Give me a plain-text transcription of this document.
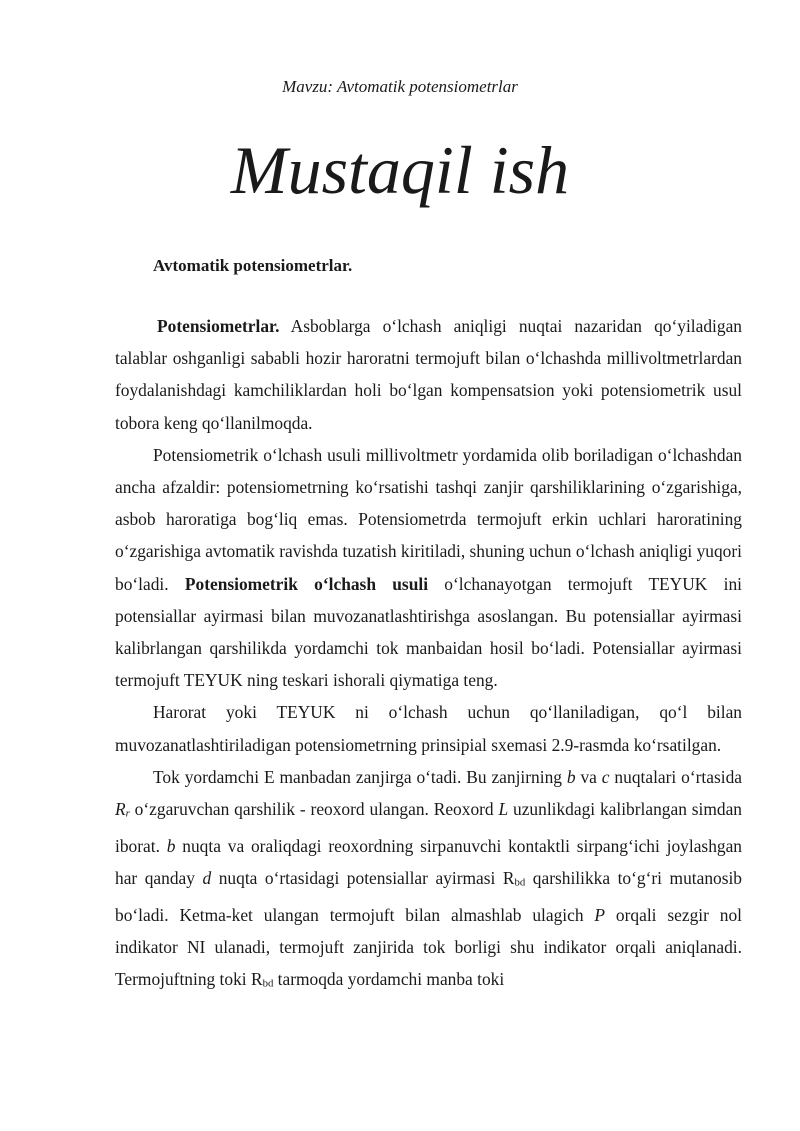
Mavzu: Avtomatik potensiometrlar
Mustaqil ish
Avtomatik potensiometrlar.

Potensiometrlar. Asboblarga o‘lchash aniqligi nuqtai nazaridan qo‘yiladigan talablar oshganligi sababli hozir haroratni termojuft bilan o‘lchashda millivoltmetrlardan foydalanishdagi kamchiliklardan holi bo‘lgan kompensatsion yoki potensiometrik usul tobora keng qo‘llanilmoqda.

Potensiometrik o‘lchash usuli millivoltmetr yordamida olib boriladigan o‘lchashdan ancha afzaldir: potensiometrning ko‘rsatishi tashqi zanjir qarshiliklarining o‘zgarishiga, asbob haroratiga bog‘liq emas. Potensiometrda termojuft erkin uchlari haroratining o‘zgarishiga avtomatik ravishda tuzatish kiritiladi, shuning uchun o‘lchash aniqligi yuqori bo‘ladi. Potensiometrik o‘lchash usuli o‘lchanayotgan termojuft TEYUK ini potensiallar ayirmasi bilan muvozanatlashtirishga asoslangan. Bu potensiallar ayirmasi kalibrlangan qarshilikda yordamchi tok manbaidan hosil bo‘ladi. Potensiallar ayirmasi termojuft TEYUK ning teskari ishorali qiymatiga teng.

Harorat yoki TEYUK ni o‘lchash uchun qo‘llaniladigan, qo‘l bilan muvozanatlashtiriladigan potensiometrning prinsipial sxemasi 2.9-rasmda ko‘rsatilgan.

Tok yordamchi E manbadan zanjirga o‘tadi. Bu zanjirning b va c nuqtalari o‘rtasida Rr o‘zgaruvchan qarshilik - reoxord ulangan. Reoxord L uzunlikdagi kalibrlangan simdan iborat. b nuqta va oraliqdagi reoxordning sirpanuvchi kontaktli sirpang‘ichi joylashgan har qanday d nuqta o‘rtasidagi potensiallar ayirmasi Rbd qarshilikka to‘g‘ri mutanosib bo‘ladi. Ketma-ket ulangan termojuft bilan almashlab ulagich P orqali sezgir nol indikator NI ulanadi, termojuft zanjirida tok borligi shu indikator orqali aniqlanadi. Termojuftning toki Rbd tarmoqda yordamchi manba toki
